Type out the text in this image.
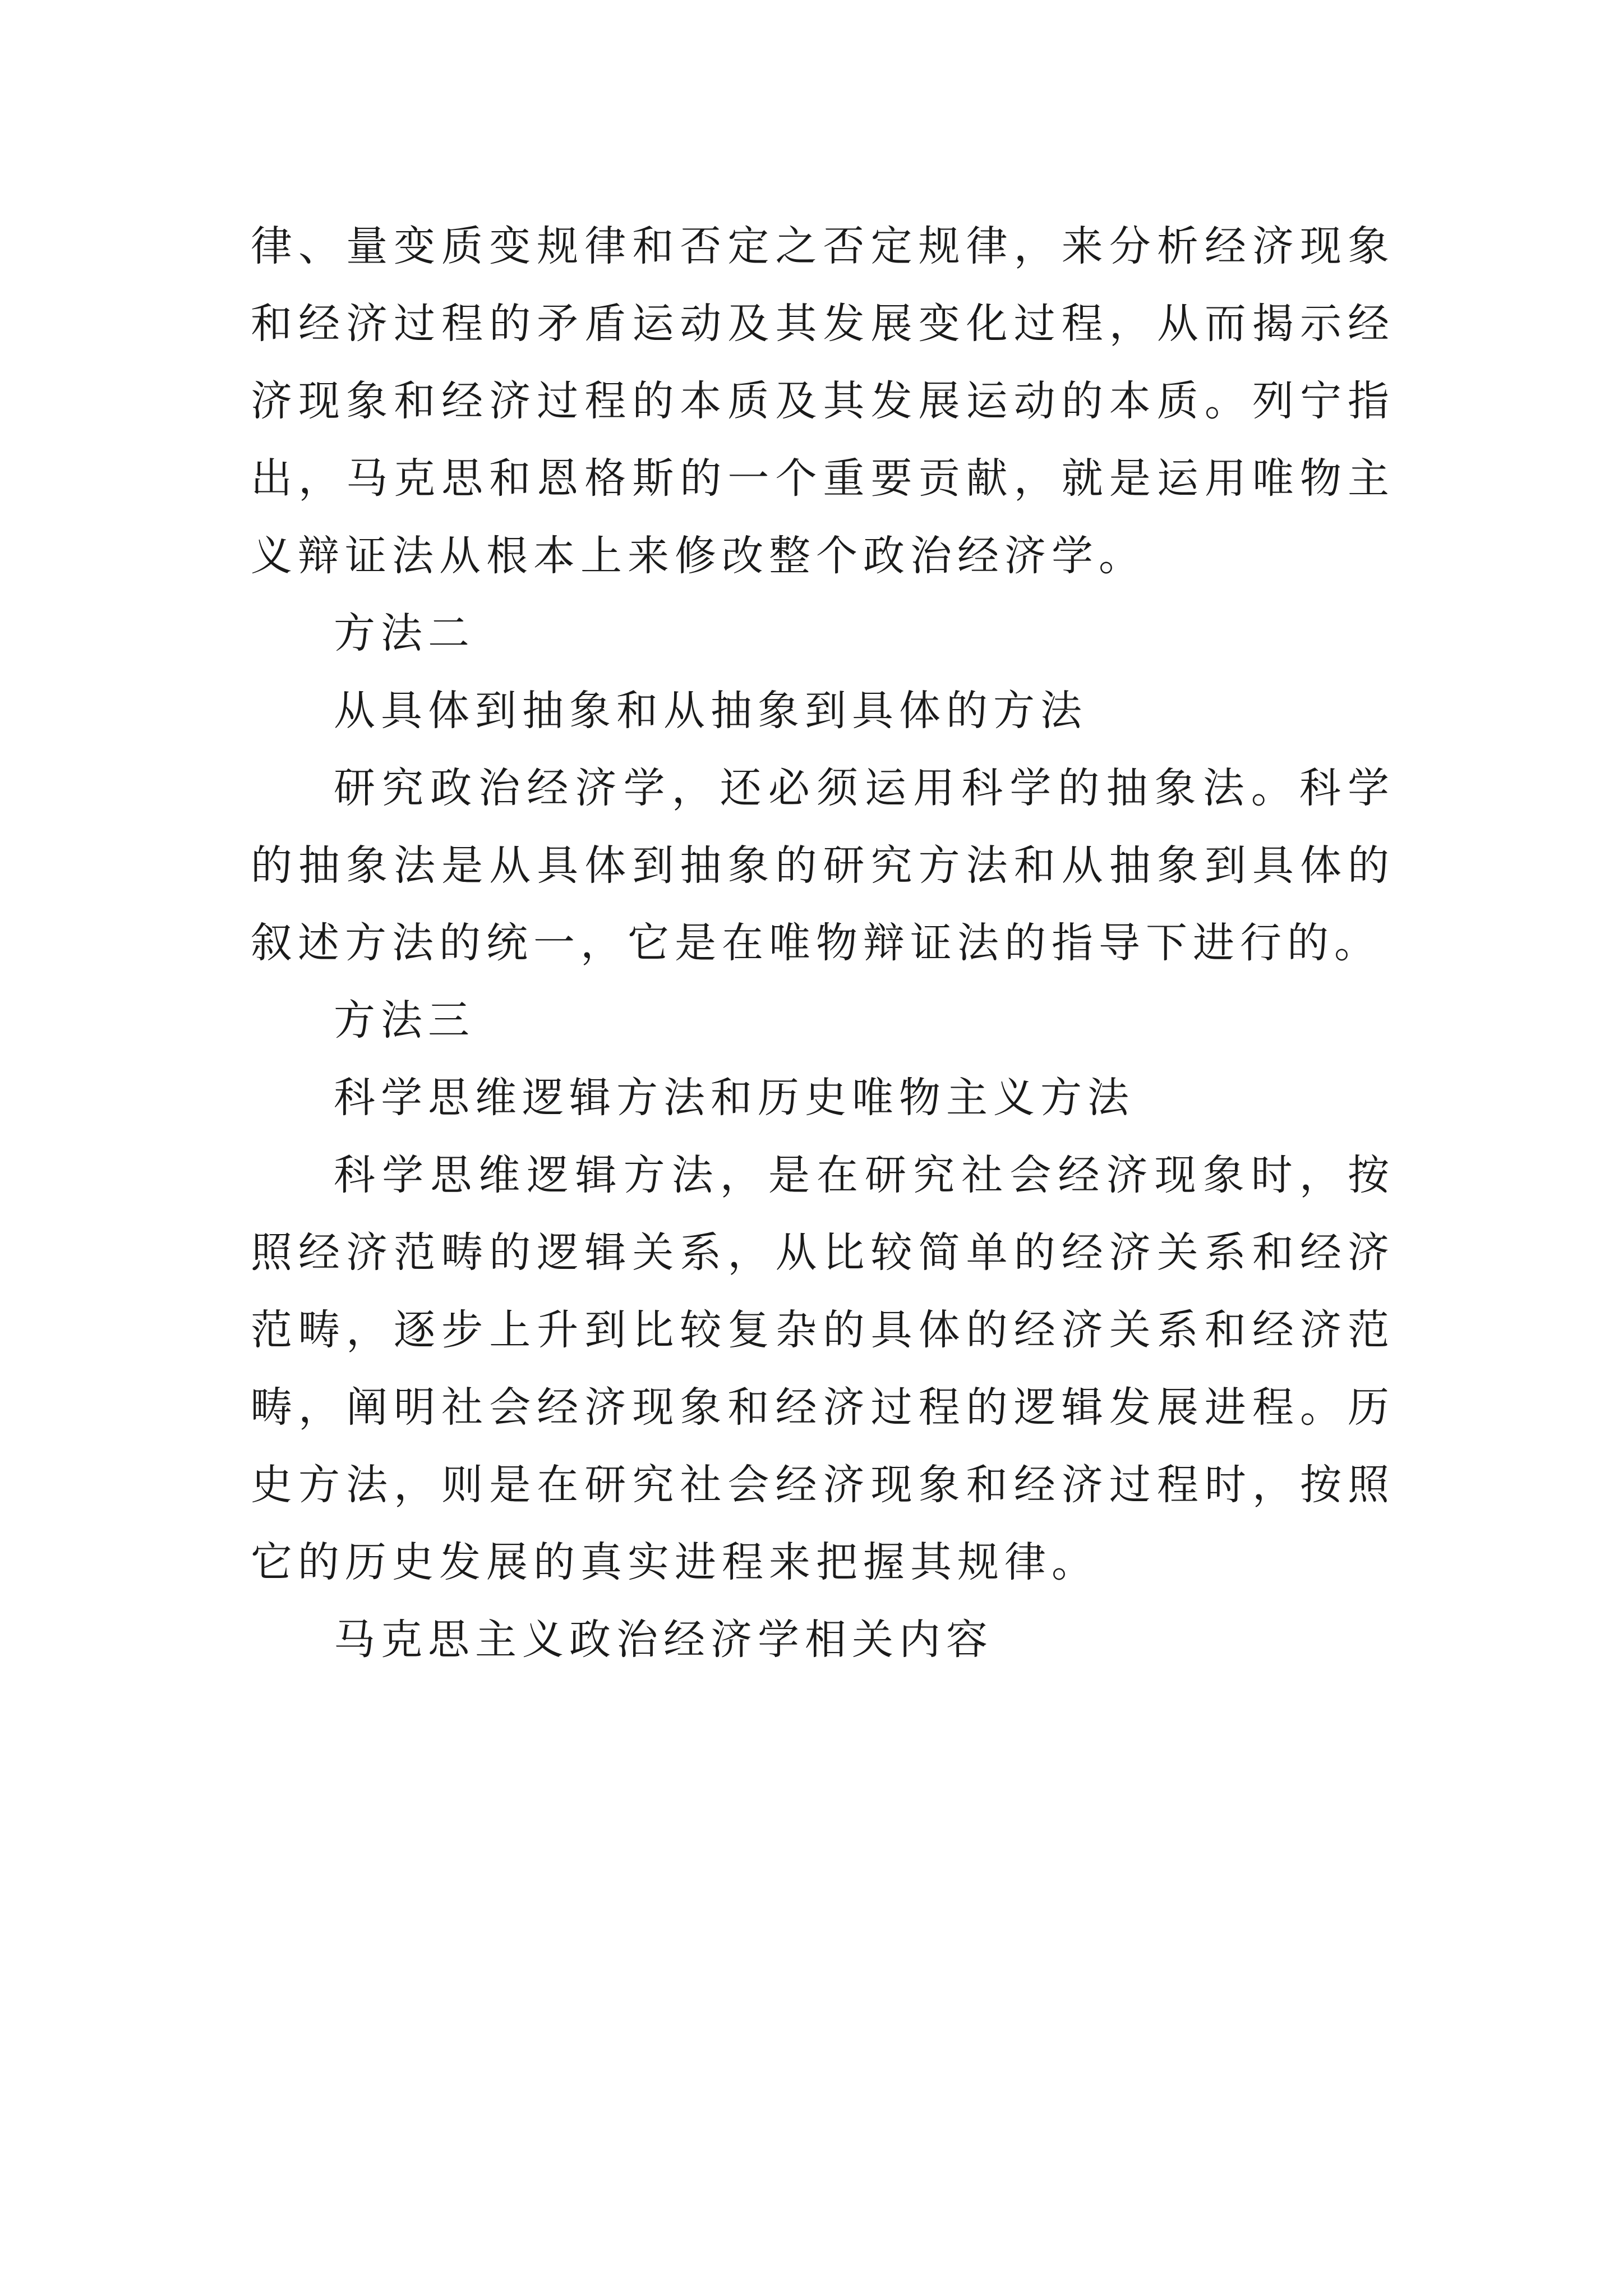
律、量变质变规律和否定之否定规律，来分析经济现象和经济过程的矛盾运动及其发展变化过程，从而揭示经济现象和经济过程的本质及其发展运动的本质。列宁指出，马克思和恩格斯的一个重要贡献，就是运用唯物主义辩证法从根本上来修改整个政治经济学。

方法二

从具体到抽象和从抽象到具体的方法

研究政治经济学，还必须运用科学的抽象法。科学的抽象法是从具体到抽象的研究方法和从抽象到具体的叙述方法的统一，它是在唯物辩证法的指导下进行的。

方法三

科学思维逻辑方法和历史唯物主义方法

科学思维逻辑方法，是在研究社会经济现象时，按照经济范畴的逻辑关系，从比较简单的经济关系和经济范畴，逐步上升到比较复杂的具体的经济关系和经济范畴，阐明社会经济现象和经济过程的逻辑发展进程。历史方法，则是在研究社会经济现象和经济过程时，按照它的历史发展的真实进程来把握其规律。

马克思主义政治经济学相关内容
